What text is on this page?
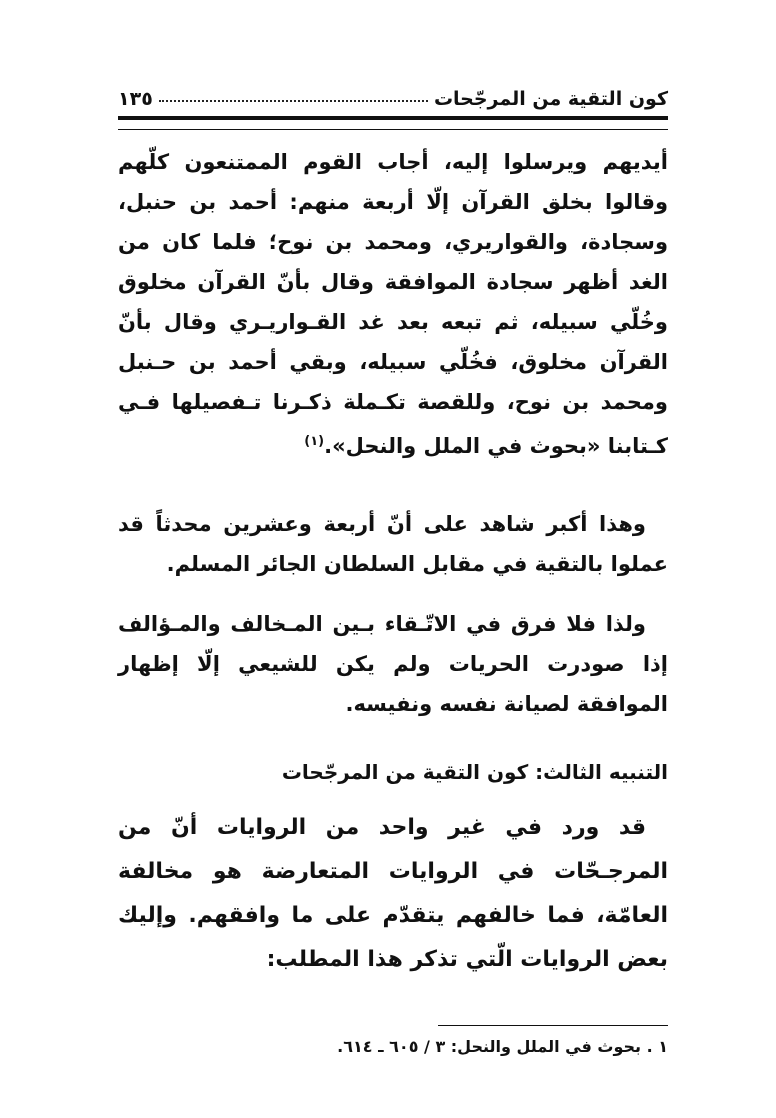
كون التقية من المرجّحات
١٣٥

أيديهم ويرسلوا إليه، أجاب القوم الممتنعون كلّهم وقالوا بخلق القرآن إلّا أربعة منهم: أحمد بن حنبل، وسجادة، والقواريري، ومحمد بن نوح؛ فلما كان من الغد أظهر سجادة الموافقة وقال بأنّ القرآن مخلوق وخُلّي سبيله، ثم تبعه بعد غد القـواريـري وقال بأنّ القرآن مخلوق، فخُلّي سبيله، وبقي أحمد بن حـنبل ومحمد بن نوح، وللقصة تكـملة ذكـرنا تـفصيلها فـي كـتابنا «بحوث في الملل والنحل».$^{(١)}$

وهذا أكبر شاهد على أنّ أربعة وعشرين محدثاً قد عملوا بالتقية في مقابل السلطان الجائر المسلم.

ولذا فلا فرق في الاتّـقاء بـين المـخالف والمـؤالف إذا صودرت الحريات ولم يكن للشيعي إلّا إظهار الموافقة لصيانة نفسه ونفيسه.

التنبيه الثالث: كون التقية من المرجّحات

قد ورد في غير واحد من الروايات أنّ من المرجـحّات في الروايات المتعارضة هو مخالفة العامّة، فما خالفهم يتقدّم على ما وافقهم. وإليك بعض الروايات الّتي تذكر هذا المطلب:

١ . بحوث في الملل والنحل: ٣ / ٦٠٥ ـ ٦١٤.
